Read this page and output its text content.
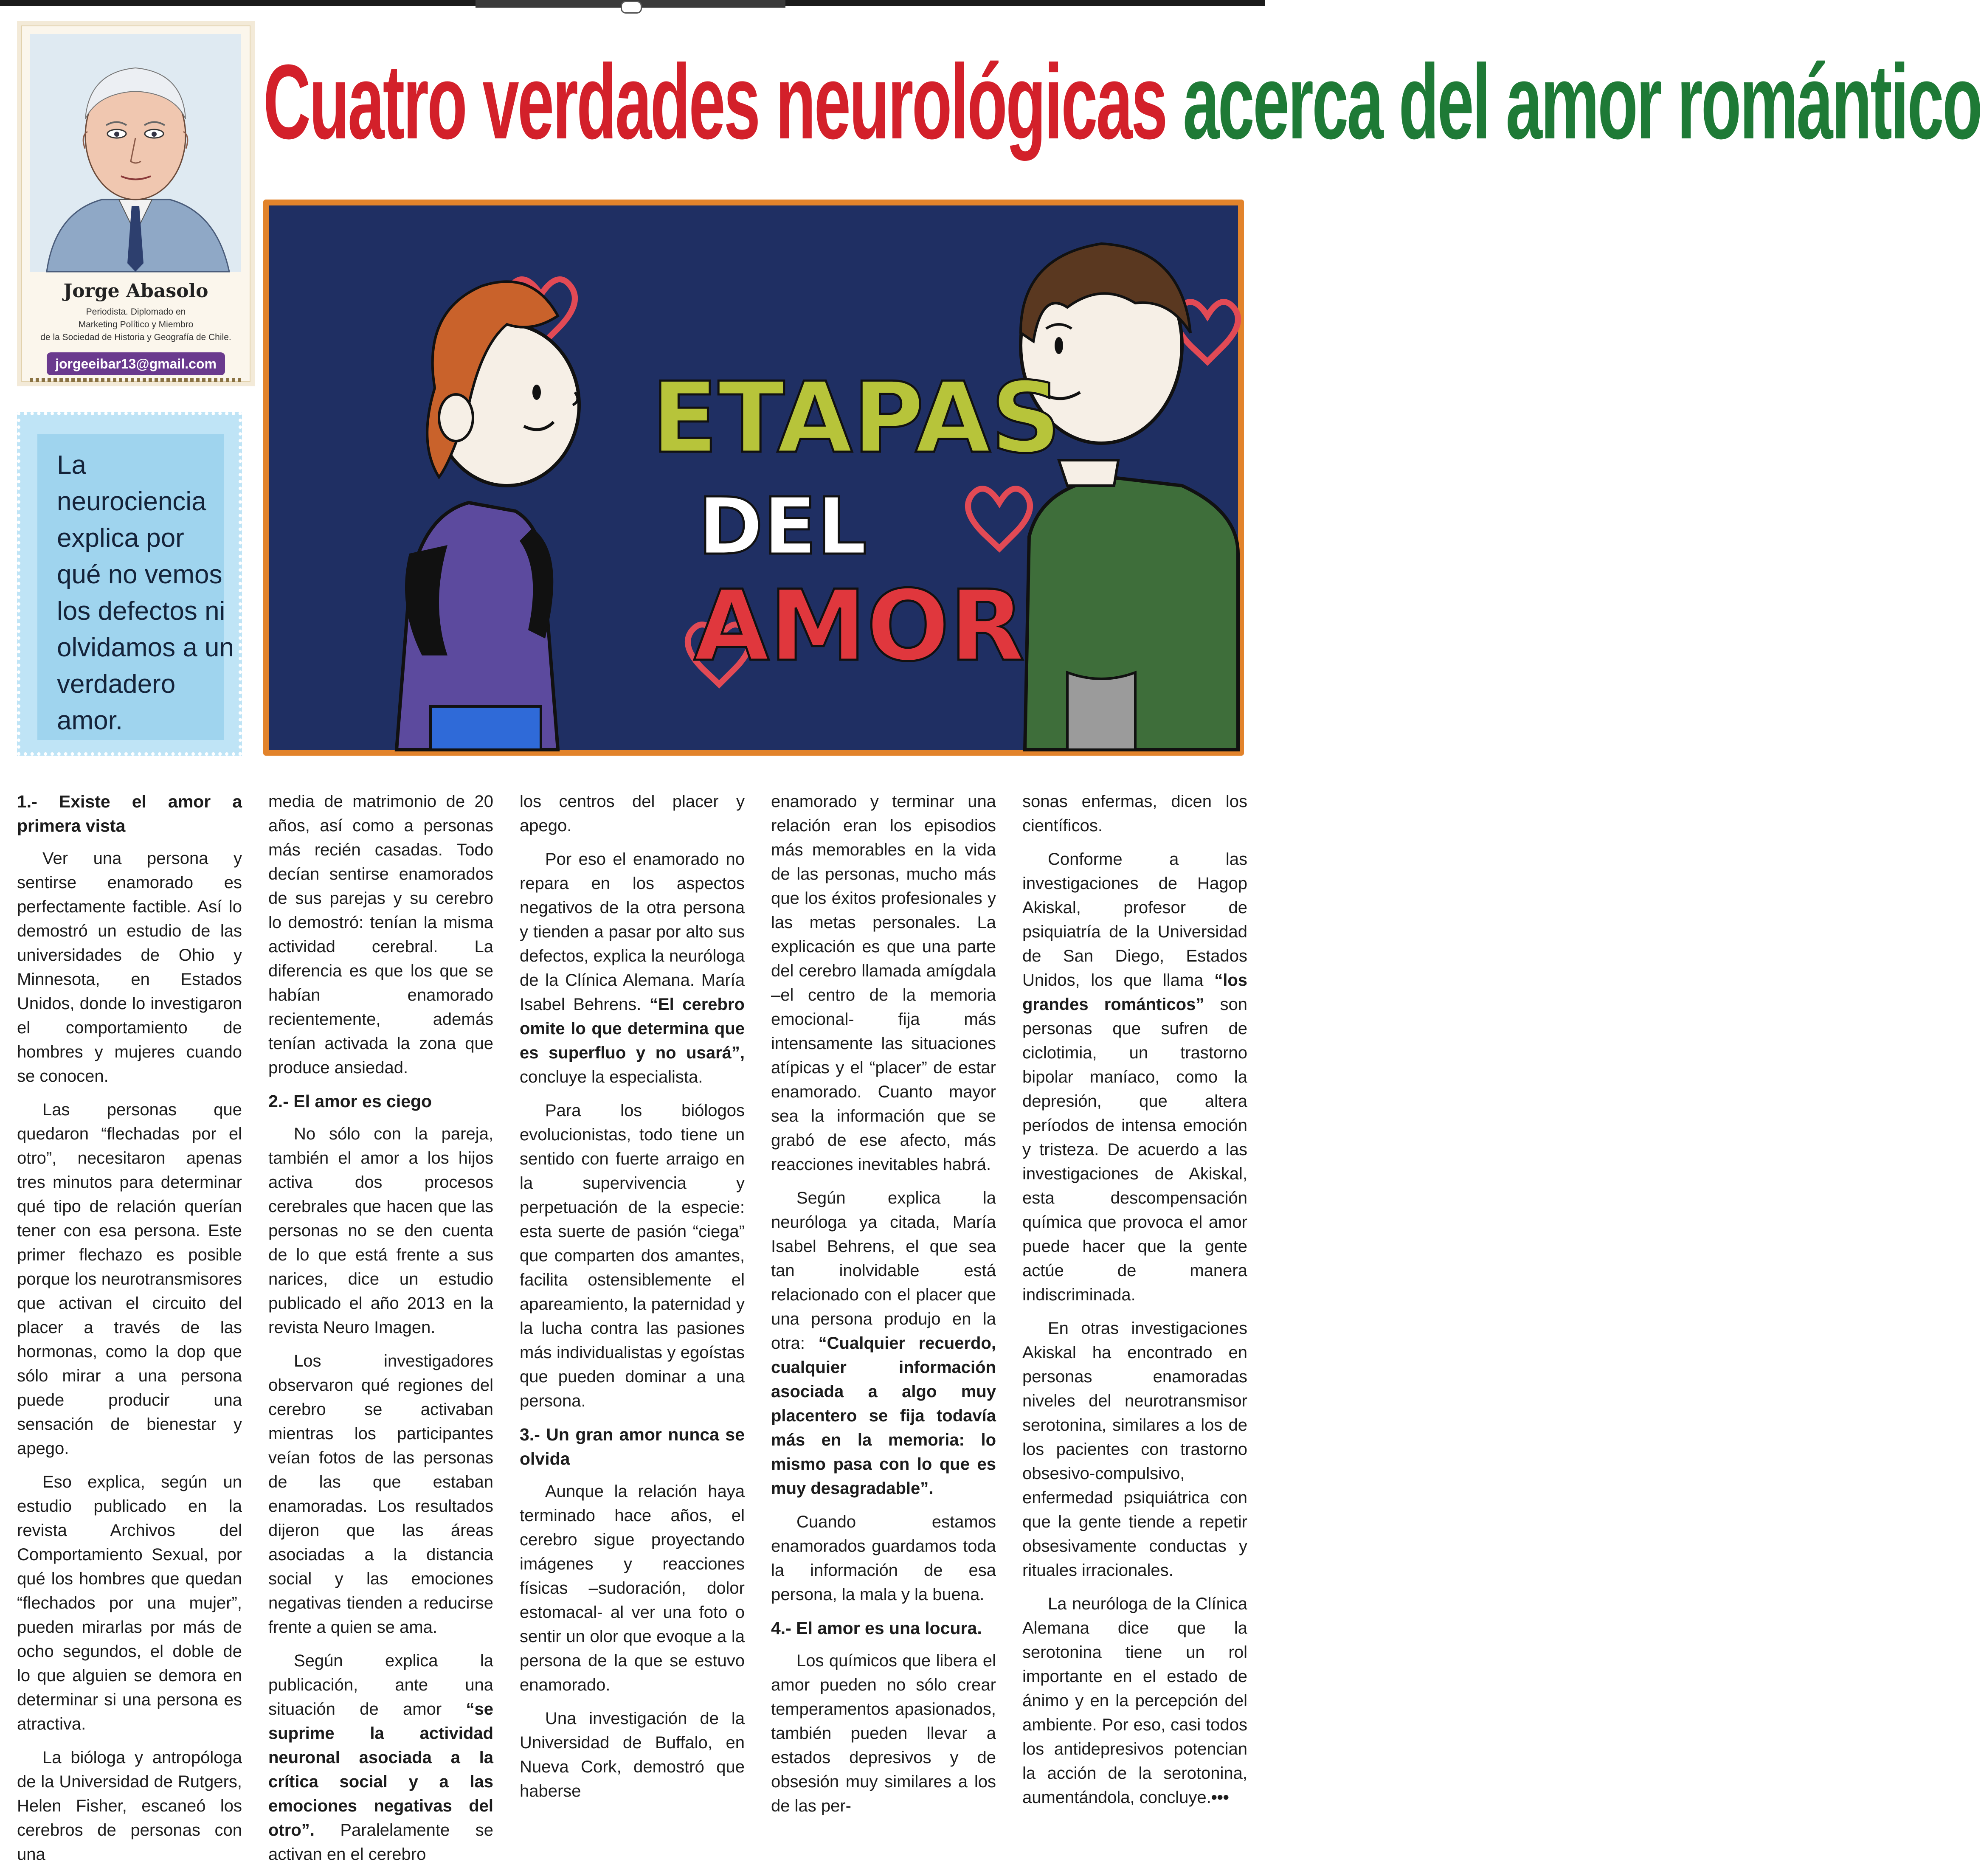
Jorge Abasolo
Periodista. Diplomado en
Marketing Político y Miembro
de la Sociedad de Historia y Geografía de Chile.
jorgeeibar13@gmail.com
Cuatro verdades neurológicas acerca del amor romántico
La neurociencia explica por qué no vemos los defectos ni olvidamos a un verdadero amor.
ETAPAS
DEL
AMOR
1.- Existe el amor a primera vista

Ver una persona y sentirse enamorado es perfectamente factible. Así lo demostró un estudio de las universidades de Ohio y Minnesota, en Estados Unidos, donde lo investigaron el comportamiento de hombres y mujeres cuando se conocen.

Las personas que quedaron “flechadas por el otro”, necesitaron apenas tres minutos para determinar qué tipo de relación querían tener con esa persona. Este primer flechazo es posible porque los neurotransmisores que activan el circuito del placer a través de las hormonas, como la dop que sólo mirar a una persona puede producir una sensación de bienestar y apego.

Eso explica, según un estudio publicado en la revista Archivos del Comportamiento Sexual, por qué los hombres que quedan “flechados por una mujer”, pueden mirarlas por más de ocho segundos, el doble de lo que alguien se demora en determinar si una persona es atractiva.

La bióloga y antropóloga de la Universidad de Rutgers, Helen Fisher, escaneó los cerebros de personas con una

media de matrimonio de 20 años, así como a personas más recién casadas. Todo decían sentirse enamorados de sus parejas y su cerebro lo demostró: tenían la misma actividad cerebral. La diferencia es que los que se habían enamorado recientemente, además tenían activada la zona que produce ansiedad.

2.- El amor es ciego

No sólo con la pareja, también el amor a los hijos activa dos procesos cerebrales que hacen que las personas no se den cuenta de lo que está frente a sus narices, dice un estudio publicado el año 2013 en la revista Neuro Imagen.

Los investigadores observaron qué regiones del cerebro se activaban mientras los participantes veían fotos de las personas de las que estaban enamoradas. Los resultados dijeron que las áreas asociadas a la distancia social y las emociones negativas tienden a reducirse frente a quien se ama.

Según explica la publicación, ante una situación de amor “se suprime la actividad neuronal asociada a la crítica social y a las emociones negativas del otro”. Paralelamente se activan en el cerebro

los centros del placer y apego.

Por eso el enamorado no repara en los aspectos negativos de la otra persona y tienden a pasar por alto sus defectos, explica la neuróloga de la Clínica Alemana. María Isabel Behrens. “El cerebro omite lo que determina que es superfluo y no usará”, concluye la especialista.

Para los biólogos evolucionistas, todo tiene un sentido con fuerte arraigo en la supervivencia y perpetuación de la especie: esta suerte de pasión “ciega” que comparten dos amantes, facilita ostensiblemente el apareamiento, la paternidad y la lucha contra las pasiones más individualistas y egoístas que pueden dominar a una persona.

3.- Un gran amor nunca se olvida

Aunque la relación haya terminado hace años, el cerebro sigue proyectando imágenes y reacciones físicas –sudoración, dolor estomacal- al ver una foto o sentir un olor que evoque a la persona de la que se estuvo enamorado.

Una investigación de la Universidad de Buffalo, en Nueva Cork, demostró que haberse

enamorado y terminar una relación eran los episodios más memorables en la vida de las personas, mucho más que los éxitos profesionales y las metas personales. La explicación es que una parte del cerebro llamada amígdala –el centro de la memoria emocional- fija más intensamente las situaciones atípicas y el “placer” de estar enamorado. Cuanto mayor sea la información que se grabó de ese afecto, más reacciones inevitables habrá.

Según explica la neuróloga ya citada, María Isabel Behrens, el que sea tan inolvidable está relacionado con el placer que una persona produjo en la otra: “Cualquier recuerdo, cualquier información asociada a algo muy placentero se fija todavía más en la memoria: lo mismo pasa con lo que es muy desagradable”.

Cuando estamos enamorados guardamos toda la información de esa persona, la mala y la buena.

4.- El amor es una locura.

Los químicos que libera el amor pueden no sólo crear temperamentos apasionados, también pueden llevar a estados depresivos y de obsesión muy similares a los de las per-

sonas enfermas, dicen los científicos.

Conforme a las investigaciones de Hagop Akiskal, profesor de psiquiatría de la Universidad de San Diego, Estados Unidos, los que llama “los grandes románticos” son personas que sufren de ciclotimia, un trastorno bipolar maníaco, como la depresión, que altera períodos de intensa emoción y tristeza. De acuerdo a las investigaciones de Akiskal, esta descompensación química que provoca el amor puede hacer que la gente actúe de manera indiscriminada.

En otras investigaciones Akiskal ha encontrado en personas enamoradas niveles del neurotransmisor serotonina, similares a los de los pacientes con trastorno obsesivo-compulsivo, enfermedad psiquiátrica con que la gente tiende a repetir obsesivamente conductas y rituales irracionales.

La neuróloga de la Clínica Alemana dice que la serotonina tiene un rol importante en el estado de ánimo y en la percepción del ambiente. Por eso, casi todos los antidepresivos potencian la acción de la serotonina, aumentándola, concluye.•••
